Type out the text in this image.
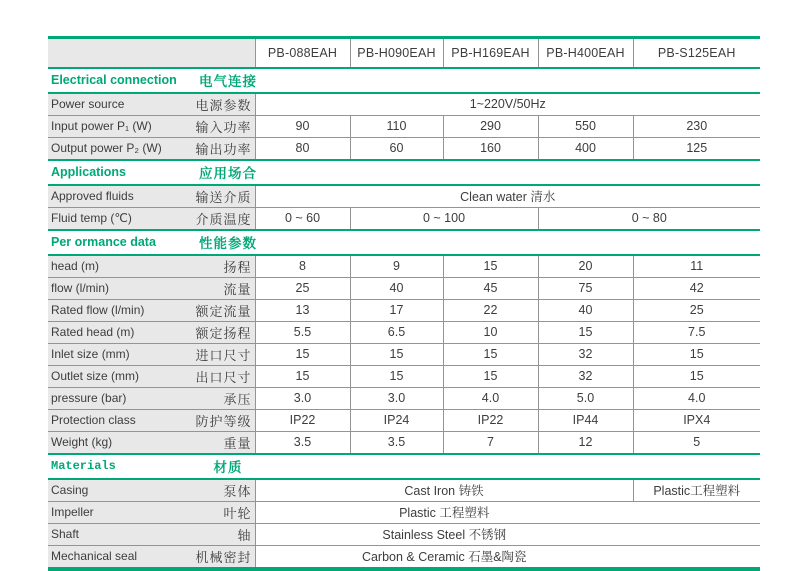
		PB-088EAH	PB-H090EAH	PB-H169EAH	PB-H400EAH	PB-S125EAH
Electrical connection 电气连接						
Power source	电源参数	1~220V/50Hz				
Input power P₁ (W)	输入功率	90	110	290	550	230
Output power P₂ (W)	输出功率	80	60	160	400	125
Applications 应用场合						
Approved fluids	输送介质	Clean water 清水				
Fluid temp (℃)	介质温度	0 ~ 60	0 ~ 100		0 ~ 80	
Per ormance data 性能参数						
head (m)	扬程	8	9	15	20	11
flow (l/min)	流量	25	40	45	75	42
Rated flow (l/min)	额定流量	13	17	22	40	25
Rated head (m)	额定扬程	5.5	6.5	10	15	7.5
Inlet size (mm)	进口尺寸	15	15	15	32	15
Outlet size (mm)	出口尺寸	15	15	15	32	15
pressure (bar)	承压	3.0	3.0	4.0	5.0	4.0
Protection class	防护等级	IP22	IP24	IP22	IP44	IPX4
Weight (kg)	重量	3.5	3.5	7	12	5
Materials 材质						
Casing	泵体	Cast Iron 铸铁				Plastic工程塑料
Impeller	叶轮	Plastic 工程塑料				
Shaft	轴	Stainless Steel 不锈钢				
Mechanical seal	机械密封	Carbon & Ceramic 石墨&陶瓷				
